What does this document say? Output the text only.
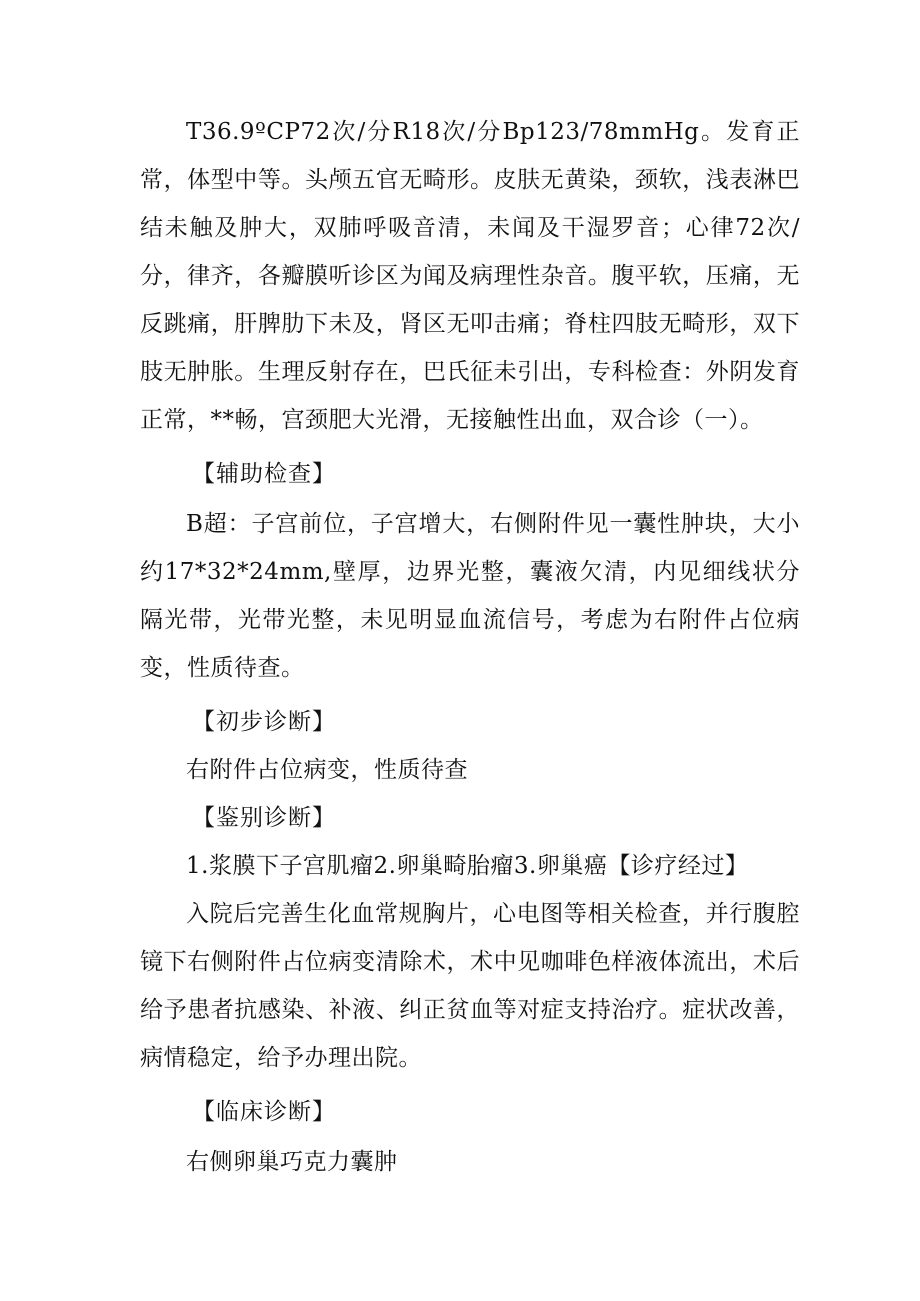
T36.9ºCP72次/分R18次/分Bp123/78mmHg。发育正常，体型中等。头颅五官无畸形。皮肤无黄染，颈软，浅表淋巴结未触及肿大，双肺呼吸音清，未闻及干湿罗音；心律72次/分，律齐，各瓣膜听诊区为闻及病理性杂音。腹平软，压痛，无反跳痛，肝脾肋下未及，肾区无叩击痛；脊柱四肢无畸形，双下肢无肿胀。生理反射存在，巴氏征未引出，专科检查：外阴发育正常，**畅，宫颈肥大光滑，无接触性出血，双合诊（一）。

【辅助检查】

B超：子宫前位，子宫增大，右侧附件见一囊性肿块，大小约17*32*24mm,壁厚，边界光整，囊液欠清，内见细线状分隔光带，光带光整，未见明显血流信号，考虑为右附件占位病变，性质待查。

【初步诊断】

右附件占位病变，性质待查

【鉴别诊断】

1.浆膜下子宫肌瘤2.卵巢畸胎瘤3.卵巢癌【诊疗经过】

入院后完善生化血常规胸片，心电图等相关检查，并行腹腔镜下右侧附件占位病变清除术，术中见咖啡色样液体流出，术后给予患者抗感染、补液、纠正贫血等对症支持治疗。症状改善，病情稳定，给予办理出院。

【临床诊断】

右侧卵巢巧克力囊肿
